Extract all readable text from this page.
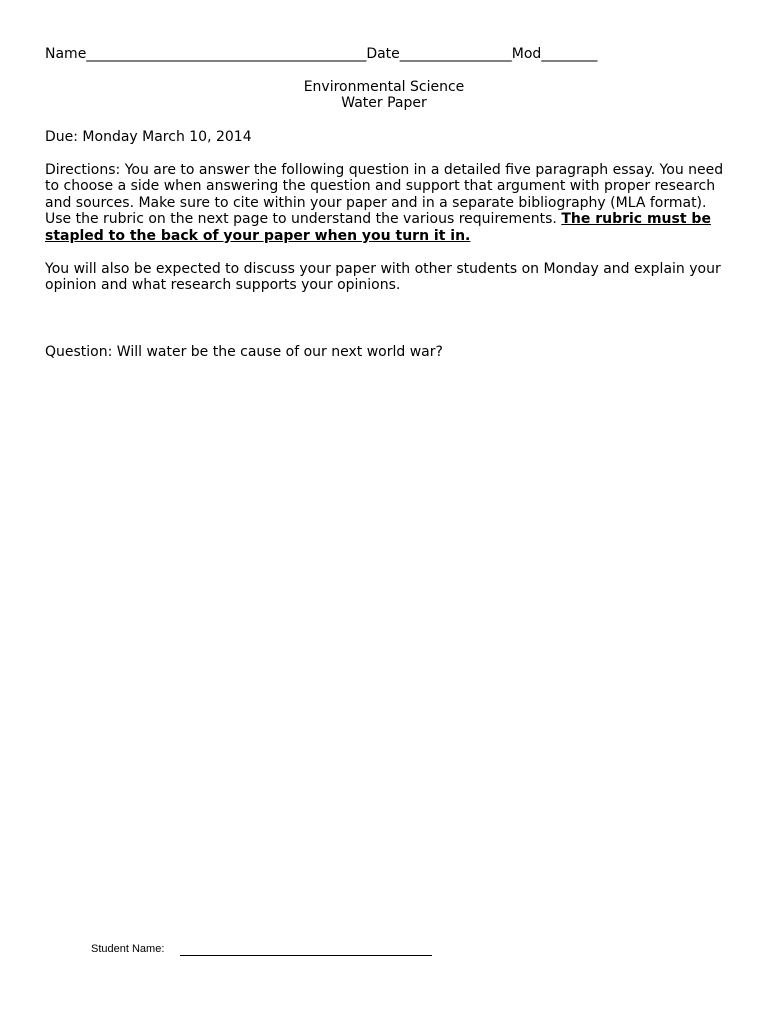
Name________________________________________Date________________Mod________
Environmental Science
Water Paper
Due: Monday March 10, 2014
Directions: You are to answer the following question in a detailed five paragraph essay. You need to choose a side when answering the question and support that argument with proper research and sources. Make sure to cite within your paper and in a separate bibliography (MLA format). Use the rubric on the next page to understand the various requirements. The rubric must be stapled to the back of your paper when you turn it in.
You will also be expected to discuss your paper with other students on Monday and explain your opinion and what research supports your opinions.
Question: Will water be the cause of our next world war?
Student Name:
